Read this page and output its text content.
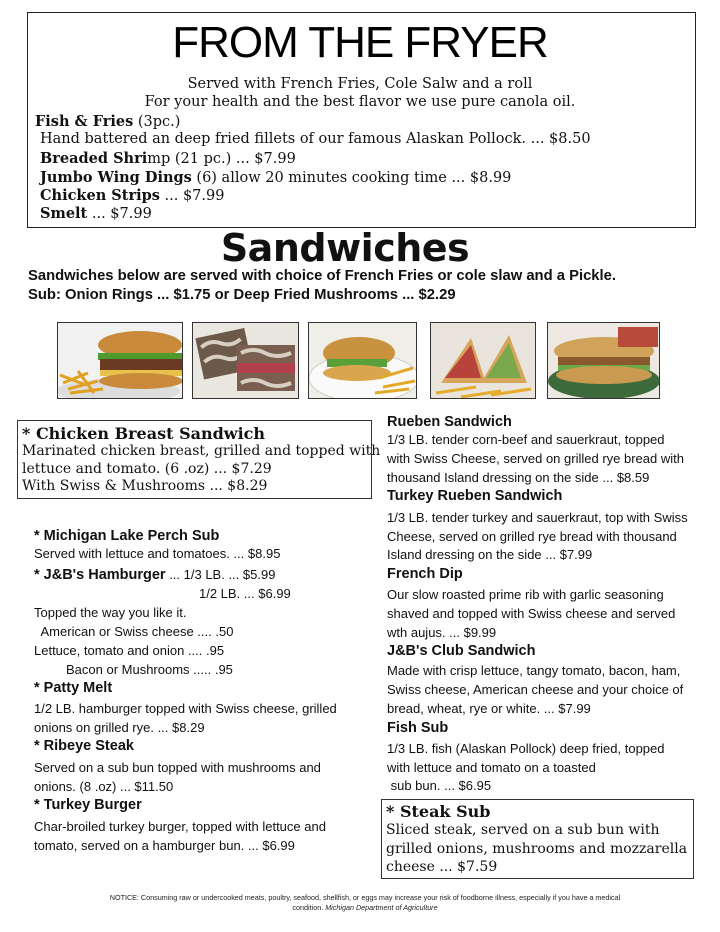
FROM THE FRYER
Served with French Fries, Cole Salw and a roll
For your health and the best flavor we use pure canola oil.
Fish & Fries (3pc.)
Hand battered an deep fried fillets of our famous Alaskan Pollock. ... $8.50
Breaded Shrimp (21 pc.) ... $7.99
Jumbo Wing Dings (6) allow 20 minutes cooking time ... $8.99
Chicken Strips ... $7.99
Smelt ... $7.99
Sandwiches
Sandwiches below are served with choice of French Fries or cole slaw and a Pickle.
Sub: Onion Rings ... $1.75 or Deep Fried Mushrooms ... $2.29
* Chicken Breast Sandwich
Marinated chicken breast, grilled and topped with
lettuce and tomato. (6 .oz) ... $7.29
With Swiss & Mushrooms ... $8.29
* Michigan Lake Perch Sub
Served with lettuce and tomatoes. ... $8.95
* J&B's Hamburger ... 1/3 LB. ... $5.99
1/2 LB. ... $6.99
Topped the way you like it.
American or Swiss cheese .... .50
Lettuce, tomato and onion .... .95
Bacon or Mushrooms ..... .95
* Patty Melt
1/2 LB. hamburger topped with Swiss cheese, grilled
onions on grilled rye. ... $8.29
* Ribeye Steak
Served on a sub bun topped with mushrooms and
onions. (8 .oz) ... $11.50
* Turkey Burger
Char-broiled turkey burger, topped with lettuce and
tomato, served on a hamburger bun. ... $6.99
Rueben Sandwich
1/3 LB. tender corn-beef and sauerkraut, topped
with Swiss Cheese, served on grilled rye bread with
thousand Island dressing on the side ... $8.59
Turkey Rueben Sandwich
1/3 LB. tender turkey and sauerkraut, top with Swiss
Cheese, served on grilled rye bread with thousand
Island dressing on the side ... $7.99
French Dip
Our slow roasted prime rib with garlic seasoning
shaved and topped with Swiss cheese and served
wth aujus. ... $9.99
J&B's Club Sandwich
Made with crisp lettuce, tangy tomato, bacon, ham,
Swiss cheese, American cheese and your choice of
bread, wheat, rye or white. ... $7.99
Fish Sub
1/3 LB. fish (Alaskan Pollock) deep fried, topped
with lettuce and tomato on a toasted
sub bun. ... $6.95
* Steak Sub
Sliced steak, served on a sub bun with
grilled onions, mushrooms and mozzarella
cheese ... $7.59
NOTICE: Consuming raw or undercooked meats, poultry, seafood, shellfish, or eggs may increase your risk of foodborne illness, especially if you have a medical
condition. Michigan Department of Agriculture
